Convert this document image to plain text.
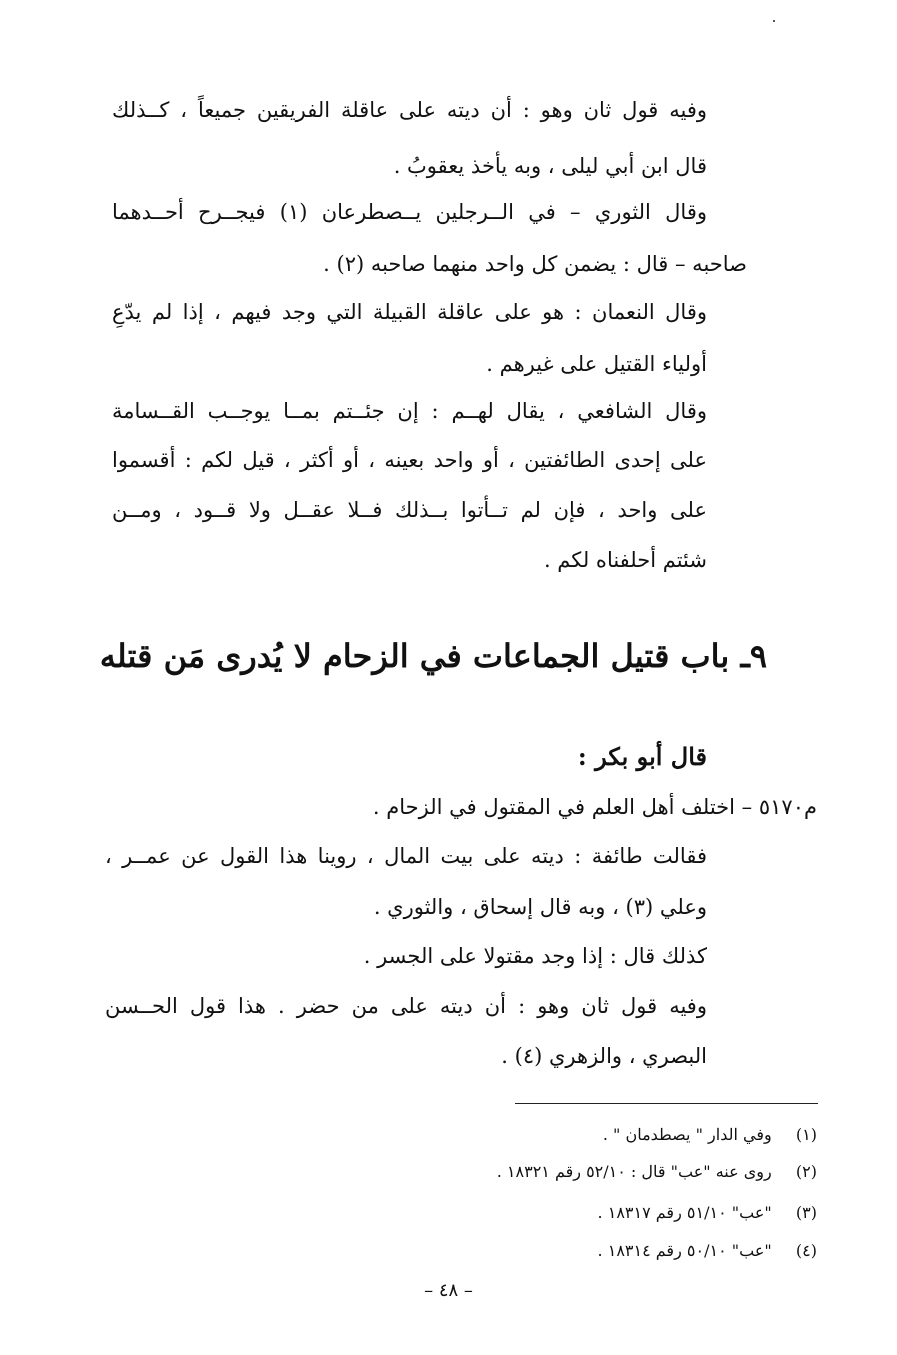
وفيه قول ثان وهو : أن ديته على عاقلة الفريقين جميعاً ، كــذلك
قال ابن أبي ليلى ، وبه يأخذ يعقوبُ .
وقال الثوري – في الــرجلين يــصطرعان (١) فيجــرح أحــدهما
صاحبه – قال : يضمن كل واحد منهما صاحبه (٢) .
وقال النعمان : هو على عاقلة القبيلة التي وجد فيهم ، إذا لم يدّعِ
أولياء القتيل على غيرهم .
وقال الشافعي ، يقال لهــم : إن جئــتم بمــا يوجــب القــسامة
على إحدى الطائفتين ، أو واحد بعينه ، أو أكثر ، قيل لكم : أقسموا
على واحد ، فإن لم تــأتوا بــذلك فــلا عقــل ولا قــود ، ومــن
شئتم أحلفناه لكم .
٩ـ باب قتيل الجماعات في الزحام لا يُدرى مَن قتله
قال أبو بكر :
م٥١٧٠ – اختلف أهل العلم في المقتول في الزحام .
فقالت طائفة : ديته على بيت المال ، روينا هذا القول عن عمــر ،
وعلي (٣) ، وبه قال إسحاق ، والثوري .
كذلك قال : إذا وجد مقتولا على الجسر .
وفيه قول ثان وهو : أن ديته على من حضر . هذا قول الحــسن
البصري ، والزهري (٤) .
(١)  وفي الدار " يصطدمان " .
(٢)  روى عنه "عب" قال : ٥٢/١٠ رقم ١٨٣٢١ .
(٣)  "عب" ٥١/١٠ رقم ١٨٣١٧ .
(٤)  "عب" ٥٠/١٠ رقم ١٨٣١٤ .
– ٤٨ –
